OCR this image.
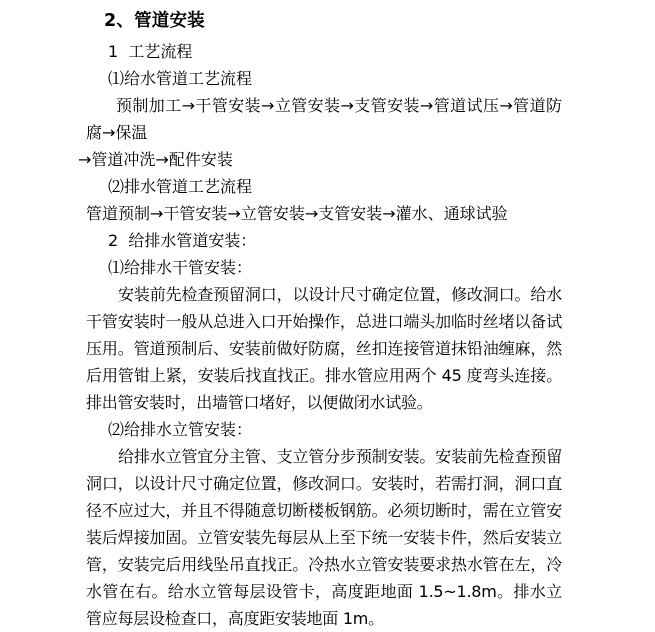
2、管道安装
1  工艺流程
⑴给水管道工艺流程
预制加工→干管安装→立管安装→支管安装→管道试压→管道防腐→保温
→管道冲洗→配件安装
⑵排水管道工艺流程
管道预制→干管安装→立管安装→支管安装→灌水、通球试验
2  给排水管道安装：
⑴给排水干管安装：

安装前先检查预留洞口，以设计尺寸确定位置，修改洞口。给水干管安装时一般从总进入口开始操作，总进口端头加临时丝堵以备试压用。管道预制后、安装前做好防腐，丝扣连接管道抹铅油缠麻，然后用管钳上紧，安装后找直找正。排水管应用两个 45 度弯头连接。排出管安装时，出墙管口堵好，以便做闭水试验。

⑵给排水立管安装：

给排水立管宜分主管、支立管分步预制安装。安装前先检查预留洞口，以设计尺寸确定位置，修改洞口。安装时，若需打洞，洞口直径不应过大，并且不得随意切断楼板钢筋。必须切断时，需在立管安装后焊接加固。立管安装先每层从上至下统一安装卡件，然后安装立管，安装完后用线坠吊直找正。冷热水立管安装要求热水管在左，冷水管在右。给水立管每层设管卡，高度距地面 1.5~1.8m。排水立管应每层设检查口，高度距安装地面 1m。
